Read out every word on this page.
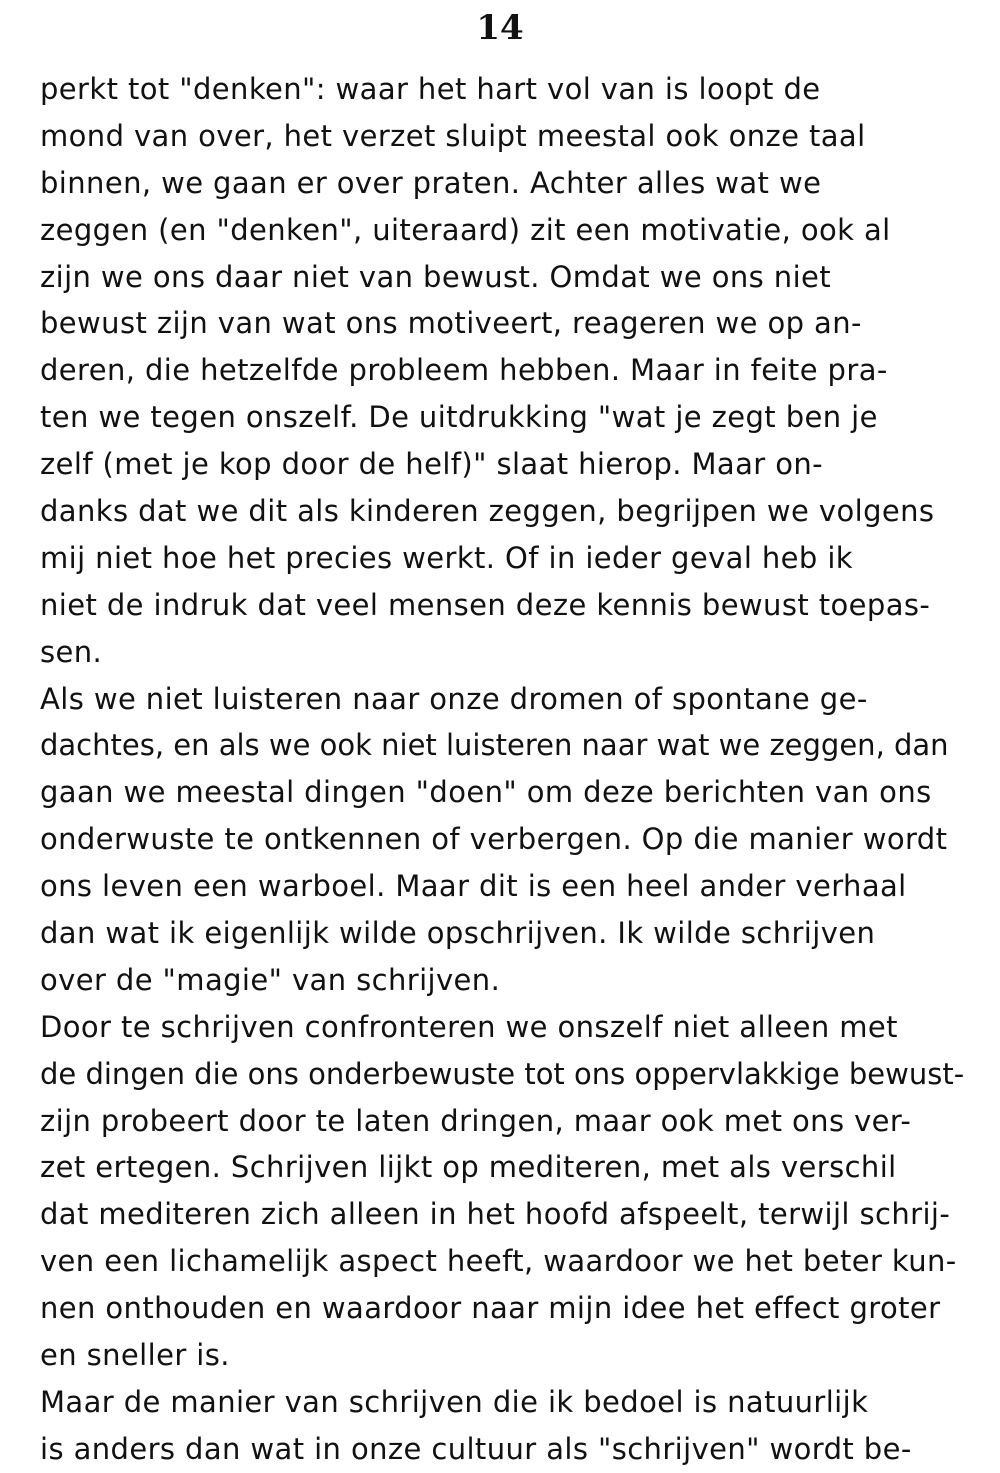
14
perkt tot "denken": waar het hart vol van is loopt de
mond van over, het verzet sluipt meestal ook onze taal
binnen, we gaan er over praten. Achter alles wat we
zeggen (en "denken", uiteraard) zit een motivatie, ook al
zijn we ons daar niet van bewust. Omdat we ons niet
bewust zijn van wat ons motiveert, reageren we op an-
deren, die hetzelfde probleem hebben. Maar in feite pra-
ten we tegen onszelf. De uitdrukking "wat je zegt ben je
zelf (met je kop door de helf)" slaat hierop. Maar on-
danks dat we dit als kinderen zeggen, begrijpen we volgens
mij niet hoe het precies werkt. Of in ieder geval heb ik
niet de indruk dat veel mensen deze kennis bewust toepas-
sen.
Als we niet luisteren naar onze dromen of spontane ge-
dachtes, en als we ook niet luisteren naar wat we zeggen, dan
gaan we meestal dingen "doen" om deze berichten van ons
onderwuste te ontkennen of verbergen. Op die manier wordt
ons leven een warboel. Maar dit is een heel ander verhaal
dan wat ik eigenlijk wilde opschrijven. Ik wilde schrijven
over de "magie" van schrijven.
Door te schrijven confronteren we onszelf niet alleen met
de dingen die ons onderbewuste tot ons oppervlakkige bewust-
zijn probeert door te laten dringen, maar ook met ons ver-
zet ertegen. Schrijven lijkt op mediteren, met als verschil
dat mediteren zich alleen in het hoofd afspeelt, terwijl schrij-
ven een lichamelijk aspect heeft, waardoor we het beter kun-
nen onthouden en waardoor naar mijn idee het effect groter
en sneller is.
Maar de manier van schrijven die ik bedoel is natuurlijk
is anders dan wat in onze cultuur als "schrijven" wordt be-
